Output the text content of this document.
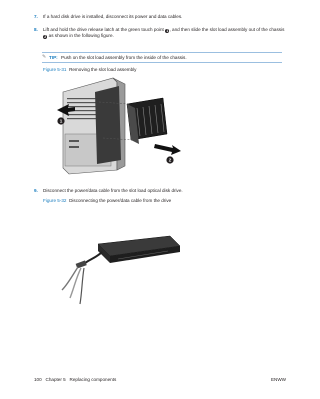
7. If a hard disk drive is installed, disconnect its power and data cables.
8. Lift and hold the drive release latch at the green touch point 1, and then slide the slot load assembly out of the chassis 2 as shown in the following figure.
✎ TIP: Push on the slot load assembly from the inside of the chassis.
Figure 5-31 Removing the slot load assembly
1
2
9. Disconnect the power/data cable from the slot load optical disk drive.
Figure 5-32 Disconnecting the power/data cable from the drive
100 Chapter 5 Replacing components	ENWW
